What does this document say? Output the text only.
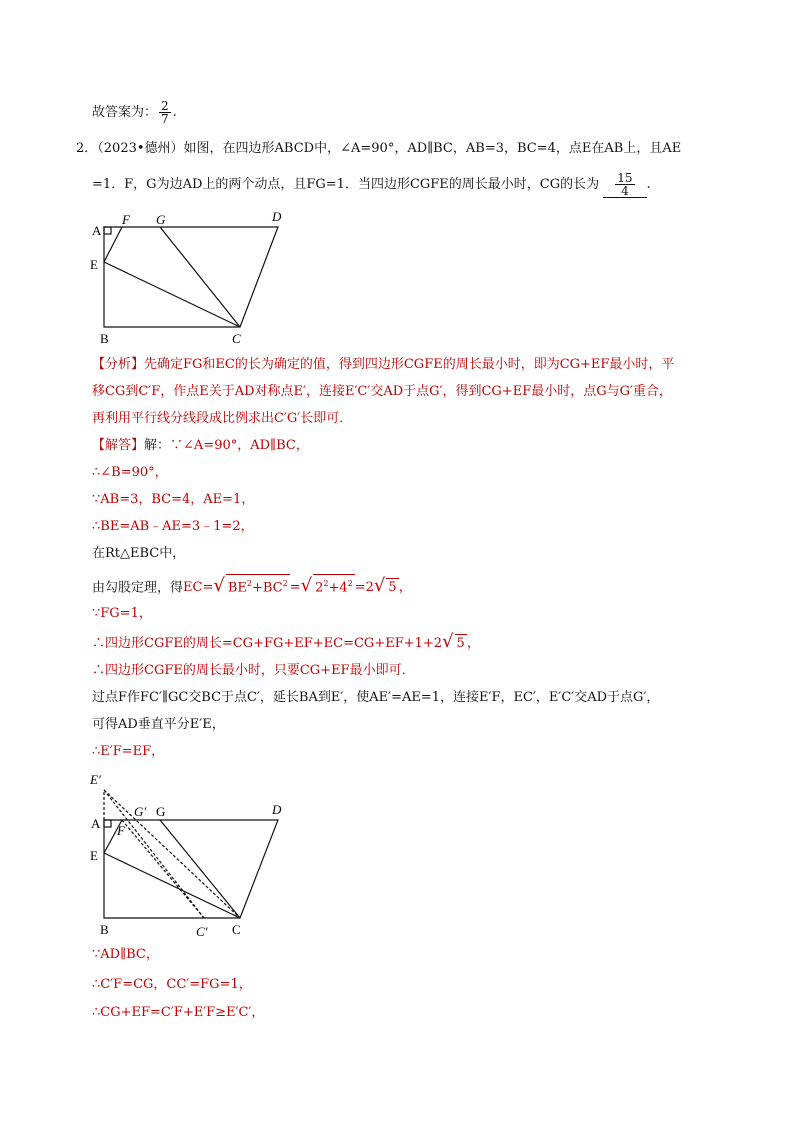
故答案为： $\frac{2}{7}$ .
2．（2023•德州）如图，在四边形ABCD中，∠A=90°，AD∥BC，AB=3，BC=4，点E在AB上，且AE
=1．F，G为边AD上的两个动点，且FG=1．当四边形CGFE的周长最小时，CG的长为 $\frac{15}{4}$ .
A
F G	D
E
B	C
【分析】先确定FG和EC的长为确定的值，得到四边形CGFE的周长最小时，即为CG+EF最小时，平
移CG到C′F，作点E关于AD对称点E′，连接E′C′交AD于点G′，得到CG+EF最小时，点G与G′重合，
再利用平行线分线段成比例求出C′G′长即可．
【解答】解：∵∠A=90°，AD∥BC，
∴∠B=90°，
∵AB=3，BC=4，AE=1，
∴BE=AB﹣AE=3﹣1=2，
在Rt△EBC中，
由勾股定理，得EC=√ $BE^2+BC^2$ =√ $2^2+4^2 =2√$ 5 ，
∵FG=1，
∴四边形CGFE的周长=CG+FG+EF+EC=CG+EF+1+2√ 5 ，
∴四边形CGFE的周长最小时，只要CG+EF最小即可．
过点F作FC′∥GC交BC于点C′，延长BA到E′，使AE′=AE=1，连接E′F，EC′，E′C′交AD于点G′，
可得AD垂直平分E′E，
∴E′F=EF，
E′
G′ G	D
A F
E
B	C′ C
∵AD∥BC，
∴C′F=CG，CC′=FG=1，
∴CG+EF=C′F+E′F≥E′C′，
